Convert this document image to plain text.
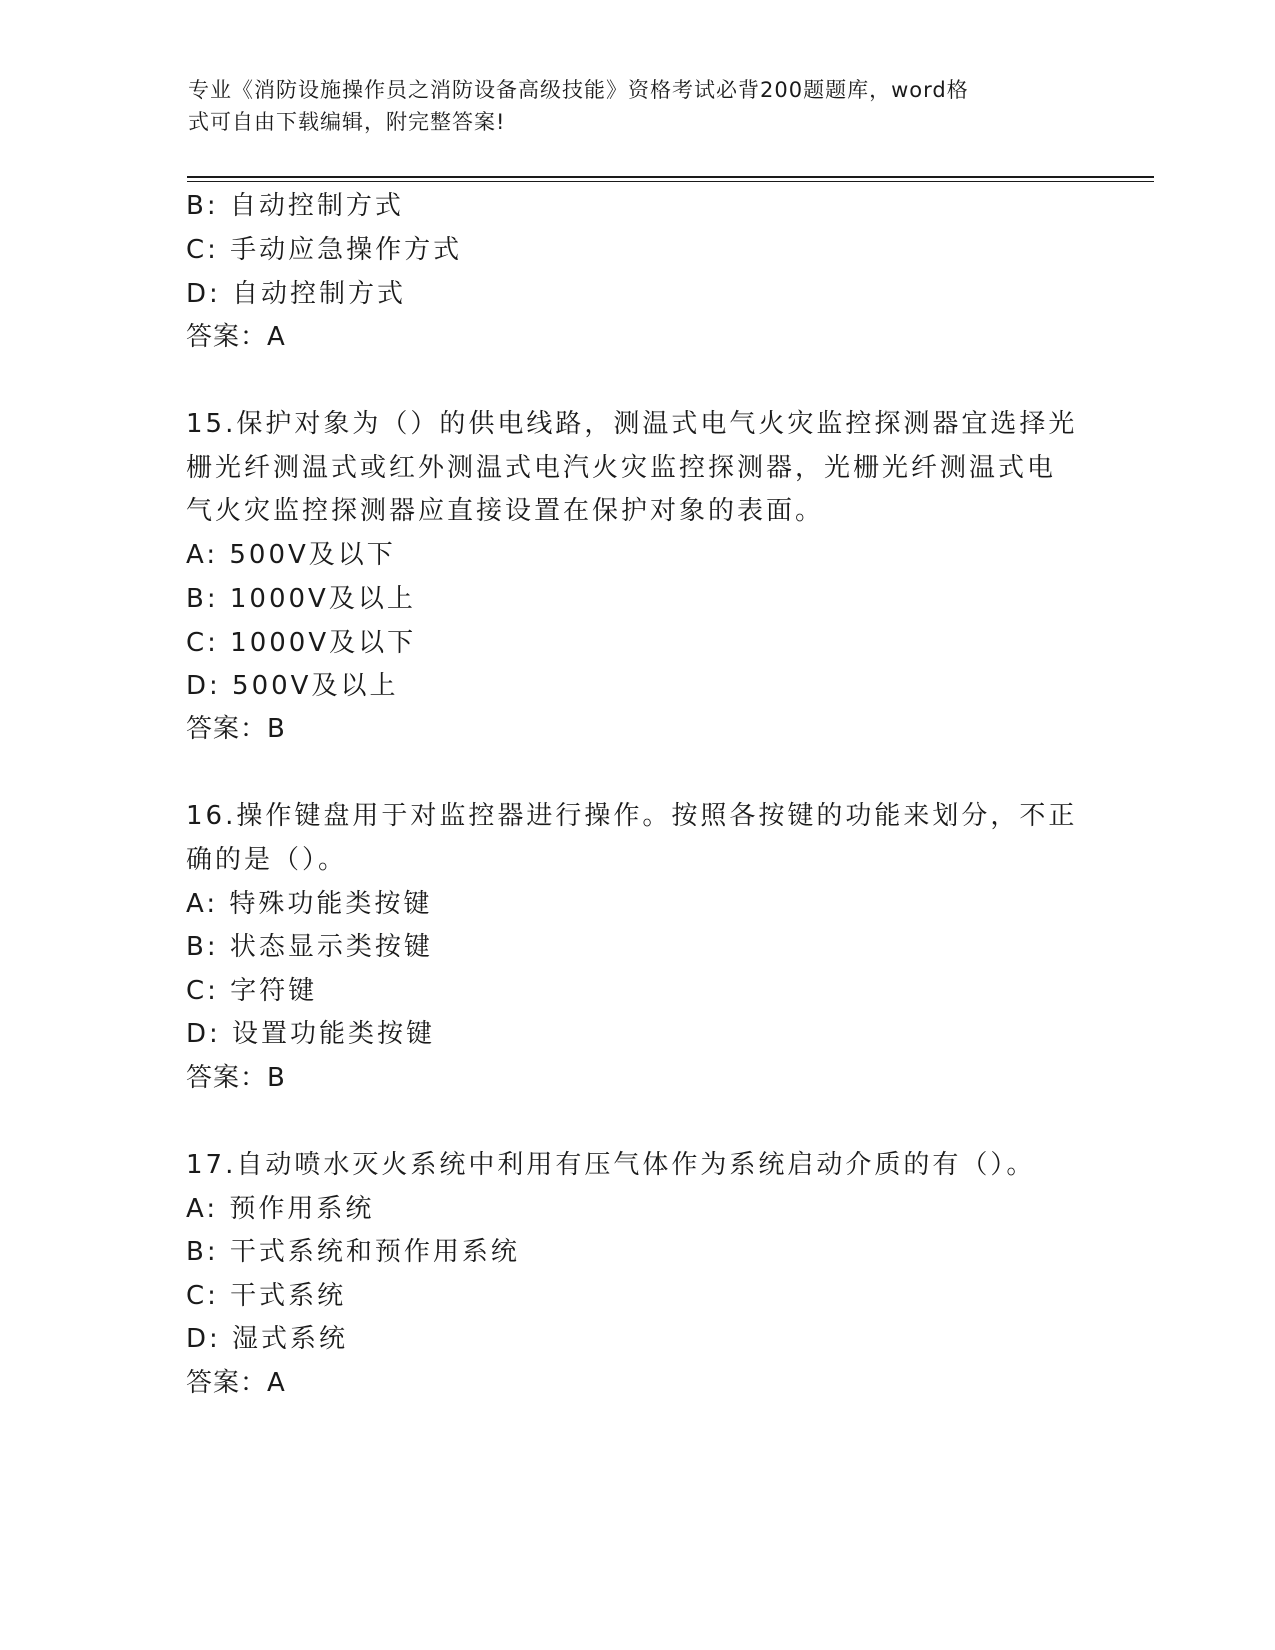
专业《消防设施操作员之消防设备高级技能》资格考试必背200题题库，word格
式可自由下载编辑，附完整答案!
B: 自动控制方式
C: 手动应急操作方式
D: 自动控制方式
答案：A
15.保护对象为（）的供电线路，测温式电气火灾监控探测器宜选择光
栅光纤测温式或红外测温式电汽火灾监控探测器，光栅光纤测温式电
气火灾监控探测器应直接设置在保护对象的表面。
A: 500V及以下
B: 1000V及以上
C: 1000V及以下
D: 500V及以上
答案：B
16.操作键盘用于对监控器进行操作。按照各按键的功能来划分，不正
确的是（）。
A: 特殊功能类按键
B: 状态显示类按键
C: 字符键
D: 设置功能类按键
答案：B
17.自动喷水灭火系统中利用有压气体作为系统启动介质的有（）。
A: 预作用系统
B: 干式系统和预作用系统
C: 干式系统
D: 湿式系统
答案：A
